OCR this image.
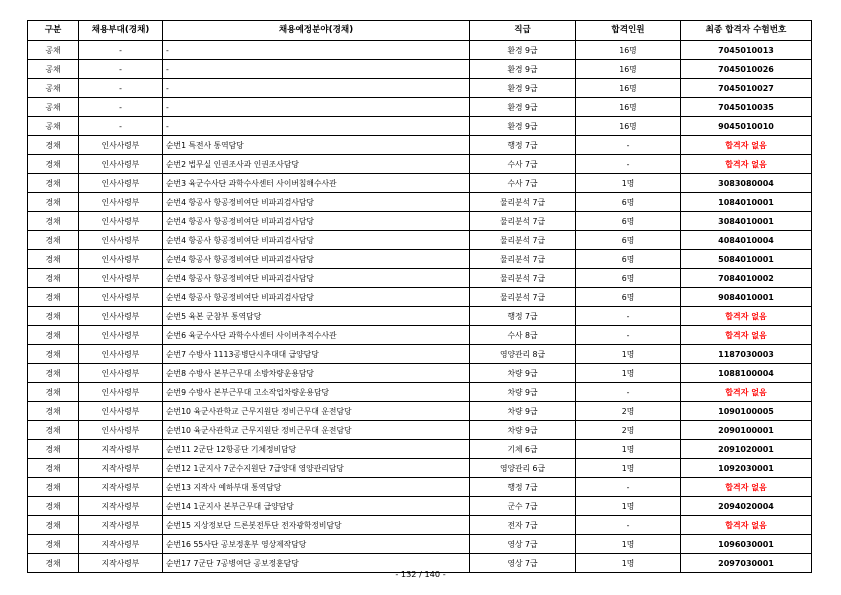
구분	채용부대(경채)	채용예정분야(경채)	직급	합격인원	최종 합격자 수험번호
공채	-	-	환경 9급	16명	7045010013
공채	-	-	환경 9급	16명	7045010026
공채	-	-	환경 9급	16명	7045010027
공채	-	-	환경 9급	16명	7045010035
공채	-	-	환경 9급	16명	9045010010
경채	인사사령부	순번1 특전사 통역담당	행정 7급	-	합격자 없음
경채	인사사령부	순번2 법무실 인권조사과 인권조사담당	수사 7급	-	합격자 없음
경채	인사사령부	순번3 육군수사단 과학수사센터 사이버침해수사관	수사 7급	1명	3083080004
경채	인사사령부	순번4 항공사 항공정비여단 비파괴검사담당	물리분석 7급	6명	1084010001
경채	인사사령부	순번4 항공사 항공정비여단 비파괴검사담당	물리분석 7급	6명	3084010001
경채	인사사령부	순번4 항공사 항공정비여단 비파괴검사담당	물리분석 7급	6명	4084010004
경채	인사사령부	순번4 항공사 항공정비여단 비파괴검사담당	물리분석 7급	6명	5084010001
경채	인사사령부	순번4 항공사 항공정비여단 비파괴검사담당	물리분석 7급	6명	7084010002
경채	인사사령부	순번4 항공사 항공정비여단 비파괴검사담당	물리분석 7급	6명	9084010001
경채	인사사령부	순번5 육본 군참부 통역담당	행정 7급	-	합격자 없음
경채	인사사령부	순번6 육군수사단 과학수사센터 사이버추적수사관	수사 8급	-	합격자 없음
경채	인사사령부	순번7 수방사 1113공병단시추대대 급양담당	영양관리 8급	1명	1187030003
경채	인사사령부	순번8 수방사 본부근무대 소방차량운용담당	차량 9급	1명	1088100004
경채	인사사령부	순번9 수방사 본부근무대 고소작업차량운용담당	차량 9급	-	합격자 없음
경채	인사사령부	순번10 육군사관학교 근무지원단 정비근무대 운전담당	차량 9급	2명	1090100005
경채	인사사령부	순번10 육군사관학교 근무지원단 정비근무대 운전담당	차량 9급	2명	2090100001
경채	지작사령부	순번11 2군단 12항공단 기체정비담당	기체 6급	1명	2091020001
경채	지작사령부	순번12 1군지사 7군수지원단 7급양대 영양관리담당	영양관리 6급	1명	1092030001
경채	지작사령부	순번13 지작사 예하부대 통역담당	행정 7급	-	합격자 없음
경채	지작사령부	순번14 1군지사 본부근무대 급양담당	군수 7급	1명	2094020004
경채	지작사령부	순번15 지상정보단 드론봇전투단 전자광학정비담당	전자 7급	-	합격자 없음
경채	지작사령부	순번16 55사단 공보정훈부 영상제작담당	영상 7급	1명	1096030001
경채	지작사령부	순번17 7군단 7공병여단 공보정훈담당	영상 7급	1명	2097030001
- 132 / 140 -
